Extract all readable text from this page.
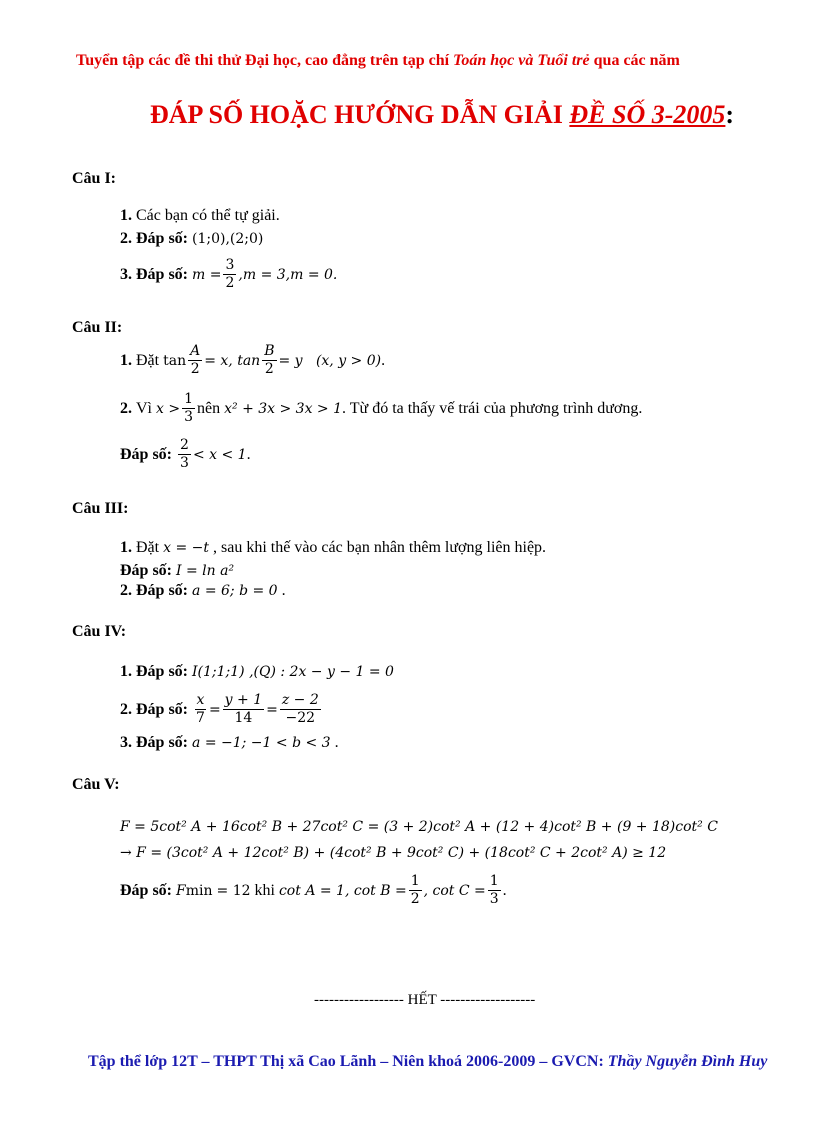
Tuyển tập các đề thi thử Đại học, cao đẳng trên tạp chí Toán học và Tuổi trẻ qua các năm
ĐÁP SỐ HOẶC HƯỚNG DẪN GIẢI ĐỀ SỐ 3-2005:
Câu I:
1. Các bạn có thể tự giải.
2. Đáp số: (1;0),(2;0)
3.
Đáp số:
$m = \frac{3}{2} ,m = 3,m = 0$.
Câu II:
1.
Đặt
$\tan \frac{A}{2} = x$, $\tan \frac{B}{2} = y$   (x, y > 0) .
2.
Vì
$x > \frac{1}{3}$ nên
x² + 3x > 3x > 1 . Từ đó ta thấy vế trái của phương trình dương.
Đáp số:
$\frac{2}{3} < x < 1$ .
Câu III:
1. Đặt x = −t , sau khi thế vào các bạn nhân thêm lượng liên hiệp.
Đáp số: I = ln a²
2. Đáp số: a = 6; b = 0 .
Câu IV:
1. Đáp số: I(1;1;1) ,(Q) : 2x − y − 1 = 0
2.
Đáp số:
$\frac{x}{7} = \frac{y + 1}{14} = \frac{z - 2}{-22}$
3. Đáp số: a = −1; −1 < b < 3 .
Câu V:
F = 5cot² A + 16cot² B + 27cot² C = (3 + 2)cot² A + (12 + 4)cot² B + (9 + 18)cot² C
→ F = (3cot² A + 12cot² B) + (4cot² B + 9cot² C) + (18cot² C + 2cot² A) ≥ 12
Đáp số:
F min
= 12
khi
cot A = 1, $\cot B = \frac{1}{2}$ , $\cot C = \frac{1}{3}$ .
------------------ HẾT -------------------
Tập thể lớp 12T – THPT Thị xã Cao Lãnh – Niên khoá 2006-2009 – GVCN: Thầy Nguyễn Đình Huy
